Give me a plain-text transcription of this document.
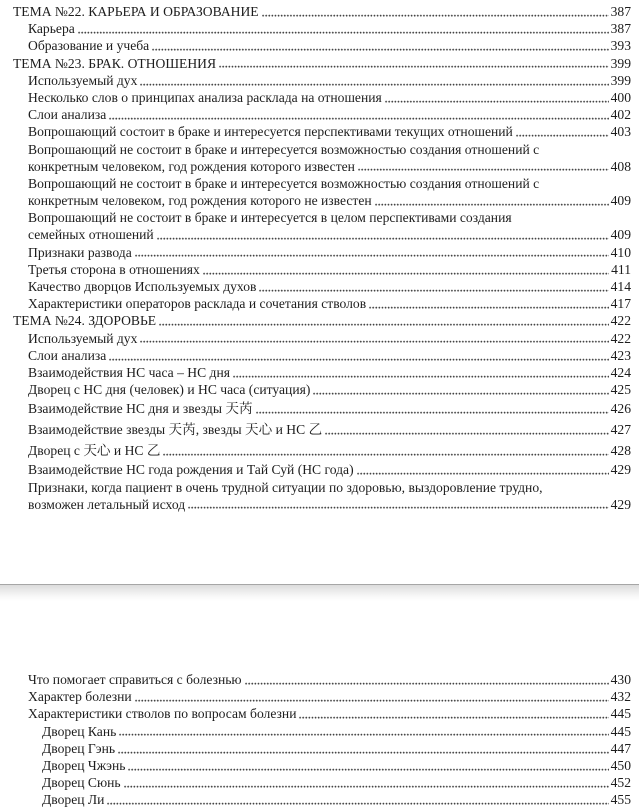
ТЕМА №22. КАРЬЕРА И ОБРАЗОВАНИЕ	387
Карьера	387
Образование и учеба	393
ТЕМА №23. БРАК. ОТНОШЕНИЯ	399
Используемый дух	399
Несколько слов о принципах анализа расклада на отношения	400
Слои анализа	402
Вопрошающий состоит в браке и интересуется перспективами текущих отношений	403
Вопрошающий не состоит в браке и интересуется возможностью создания отношений с
конкретным человеком, год рождения которого известен	408
Вопрошающий не состоит в браке и интересуется возможностью создания отношений с
конкретным человеком, год рождения которого не известен	409
Вопрошающий не состоит в браке и интересуется в целом перспективами создания
семейных отношений	409
Признаки развода	410
Третья сторона в отношениях	411
Качество дворцов Используемых духов	414
Характеристики операторов расклада и сочетания стволов	417
ТЕМА №24. ЗДОРОВЬЕ	422
Используемый дух	422
Слои анализа	423
Взаимодействия НС часа – НС дня	424
Дворец с НС дня (человек) и НС часа (ситуация)	425
Взаимодействие НС дня и звезды 天芮	426
Взаимодействие звезды 天芮, звезды 天心 и НС 乙	427
Дворец с 天心 и НС 乙	428
Взаимодействие НС года рождения и Тай Суй (НС года)	429
Признаки, когда пациент в очень трудной ситуации по здоровью, выздоровление трудно,
возможен летальный исход	429
Что помогает справиться с болезнью	430
Характер болезни	432
Характеристики стволов по вопросам болезни	445
Дворец Кань	445
Дворец Гэнь	447
Дворец Чжэнь	450
Дворец Сюнь	452
Дворец Ли	455
